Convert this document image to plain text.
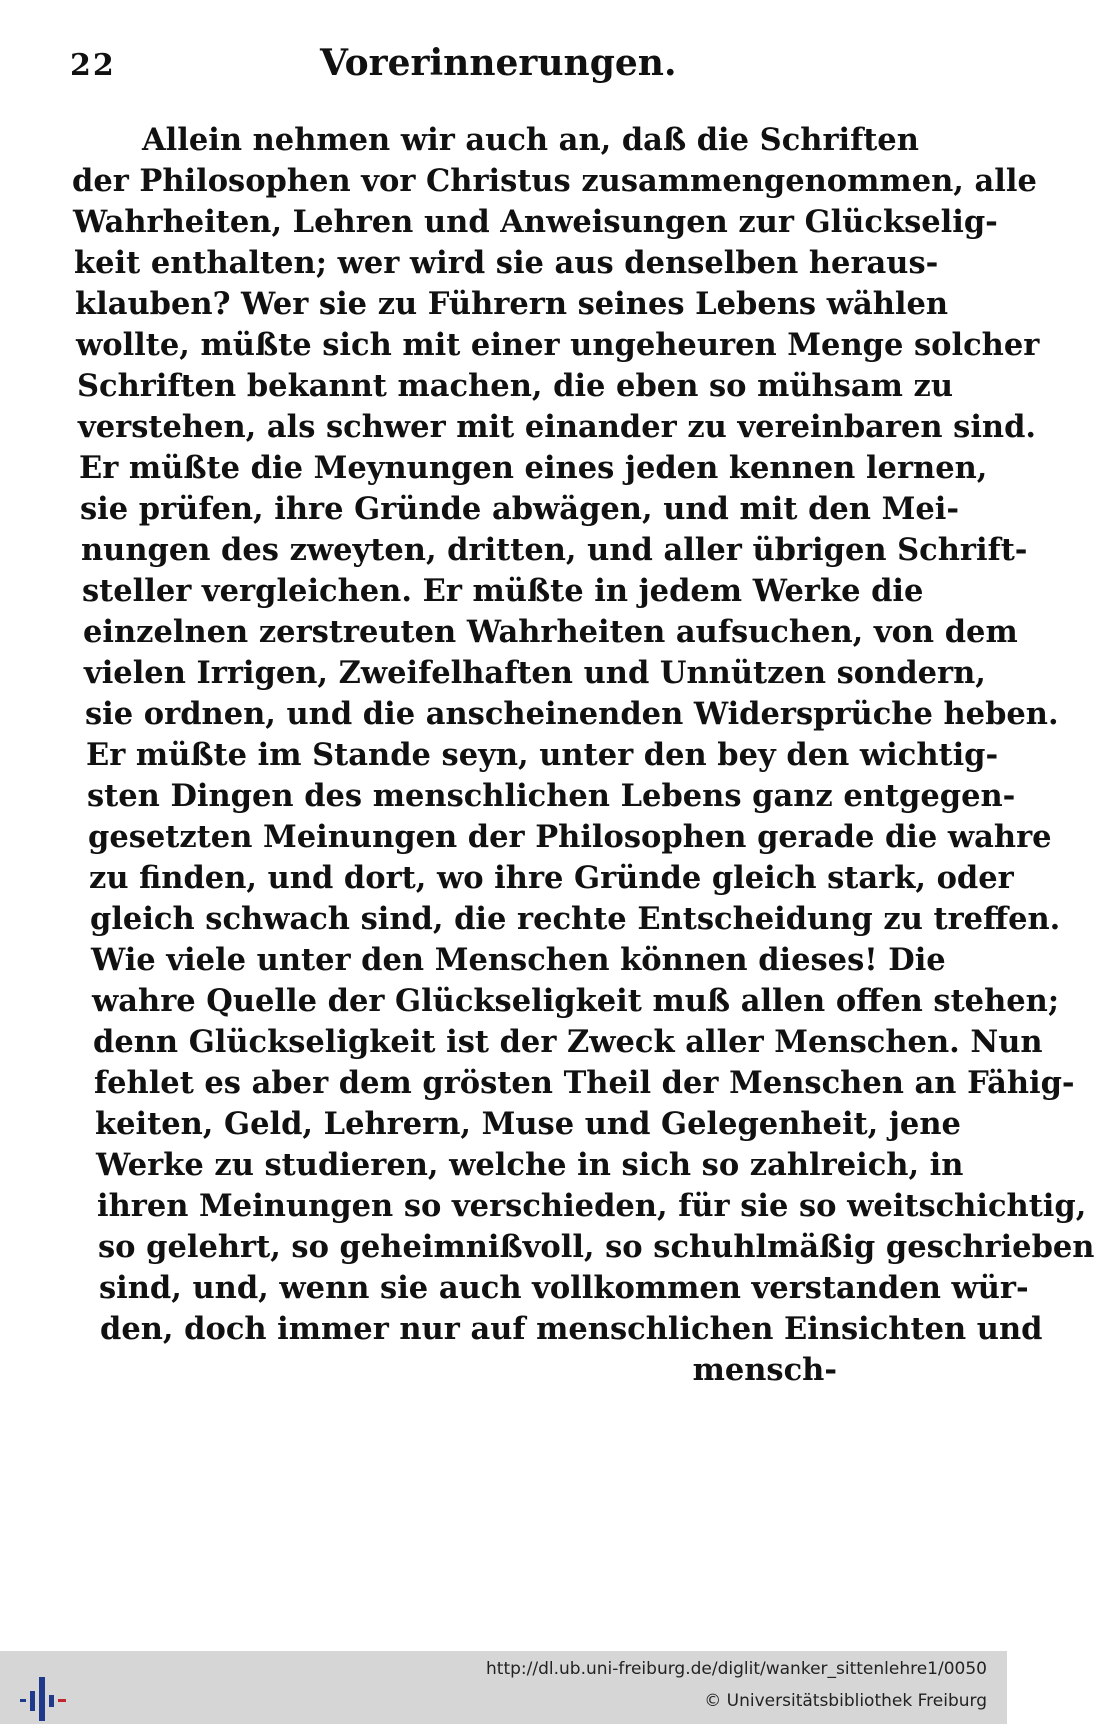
22	Vorerinnerungen.
Allein nehmen wir auch an, daß die Schriften
der Philosophen vor Christus zusammengenommen, alle
Wahrheiten, Lehren und Anweisungen zur Glückselig-
keit enthalten; wer wird sie aus denselben heraus-
klauben? Wer sie zu Führern seines Lebens wählen
wollte, müßte sich mit einer ungeheuren Menge solcher
Schriften bekannt machen, die eben so mühsam zu
verstehen, als schwer mit einander zu vereinbaren sind.
Er müßte die Meynungen eines jeden kennen lernen,
sie prüfen, ihre Gründe abwägen, und mit den Mei-
nungen des zweyten, dritten, und aller übrigen Schrift-
steller vergleichen. Er müßte in jedem Werke die
einzelnen zerstreuten Wahrheiten aufsuchen, von dem
vielen Irrigen, Zweifelhaften und Unnützen sondern,
sie ordnen, und die anscheinenden Widersprüche heben.
Er müßte im Stande seyn, unter den bey den wichtig-
sten Dingen des menschlichen Lebens ganz entgegen-
gesetzten Meinungen der Philosophen gerade die wahre
zu finden, und dort, wo ihre Gründe gleich stark, oder
gleich schwach sind, die rechte Entscheidung zu treffen.
Wie viele unter den Menschen können dieses! Die
wahre Quelle der Glückseligkeit muß allen offen stehen;
denn Glückseligkeit ist der Zweck aller Menschen. Nun
fehlet es aber dem grösten Theil der Menschen an Fähig-
keiten, Geld, Lehrern, Muse und Gelegenheit, jene
Werke zu studieren, welche in sich so zahlreich, in
ihren Meinungen so verschieden, für sie so weitschichtig,
so gelehrt, so geheimnißvoll, so schuhlmäßig geschrieben
sind, und, wenn sie auch vollkommen verstanden wür-
den, doch immer nur auf menschlichen Einsichten und
mensch-
http://dl.ub.uni-freiburg.de/diglit/wanker_sittenlehre1/0050
© Universitätsbibliothek Freiburg
